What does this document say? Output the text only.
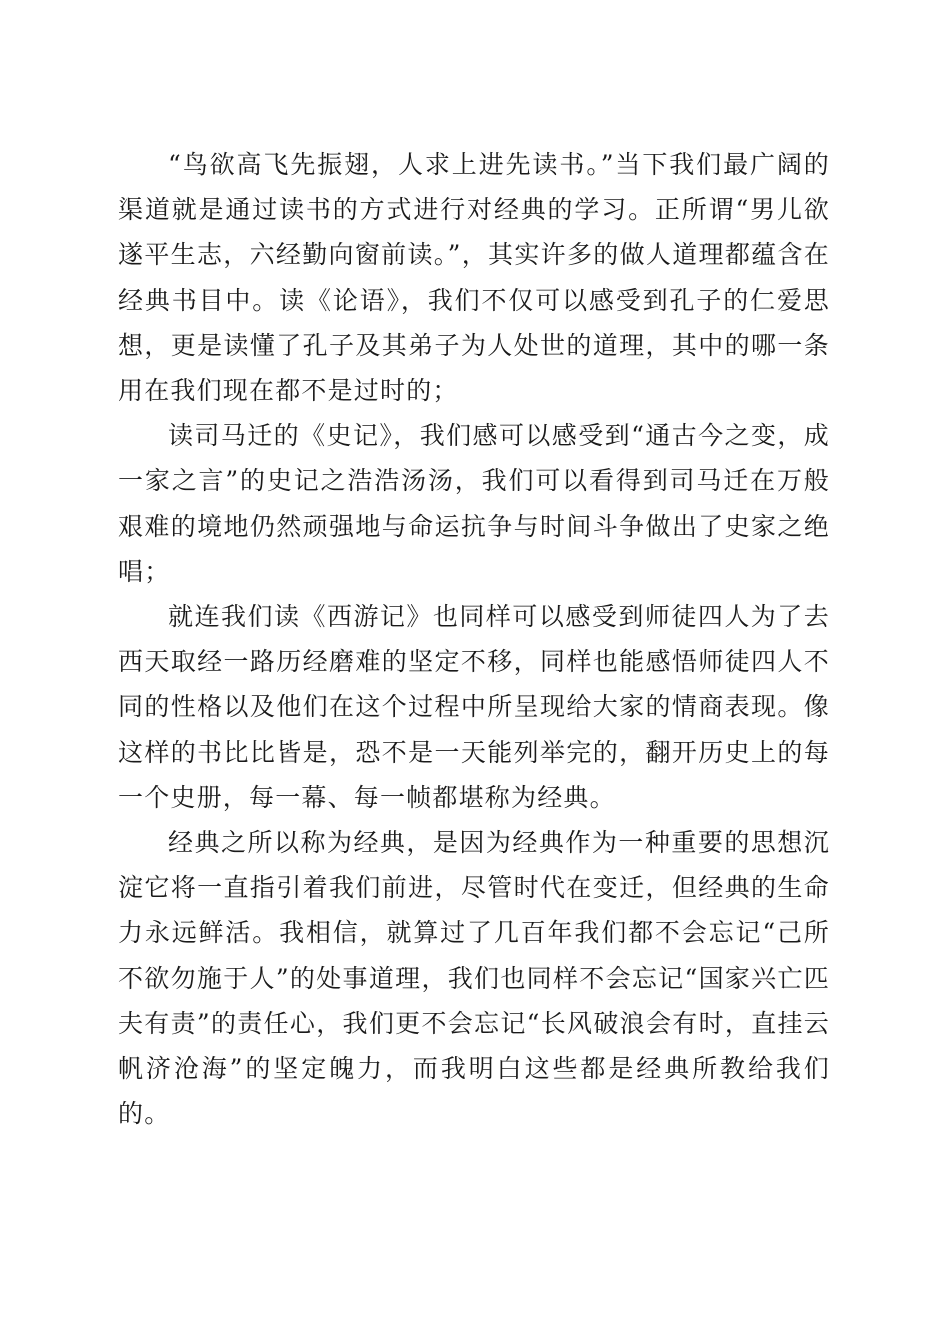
“鸟欲高飞先振翅，人求上进先读书。”当下我们最广阔的渠道就是通过读书的方式进行对经典的学习。正所谓“男儿欲遂平生志，六经勤向窗前读。”，其实许多的做人道理都蕴含在经典书目中。读《论语》，我们不仅可以感受到孔子的仁爱思想，更是读懂了孔子及其弟子为人处世的道理，其中的哪一条用在我们现在都不是过时的；

读司马迁的《史记》，我们感可以感受到“通古今之变，成一家之言”的史记之浩浩汤汤，我们可以看得到司马迁在万般艰难的境地仍然顽强地与命运抗争与时间斗争做出了史家之绝唱；

就连我们读《西游记》也同样可以感受到师徒四人为了去西天取经一路历经磨难的坚定不移，同样也能感悟师徒四人不同的性格以及他们在这个过程中所呈现给大家的情商表现。像这样的书比比皆是，恐不是一天能列举完的，翻开历史上的每一个史册，每一幕、每一帧都堪称为经典。

经典之所以称为经典，是因为经典作为一种重要的思想沉淀它将一直指引着我们前进，尽管时代在变迁，但经典的生命力永远鲜活。我相信，就算过了几百年我们都不会忘记“己所不欲勿施于人”的处事道理，我们也同样不会忘记“国家兴亡匹夫有责”的责任心，我们更不会忘记“长风破浪会有时，直挂云帆济沧海”的坚定魄力，而我明白这些都是经典所教给我们的。
